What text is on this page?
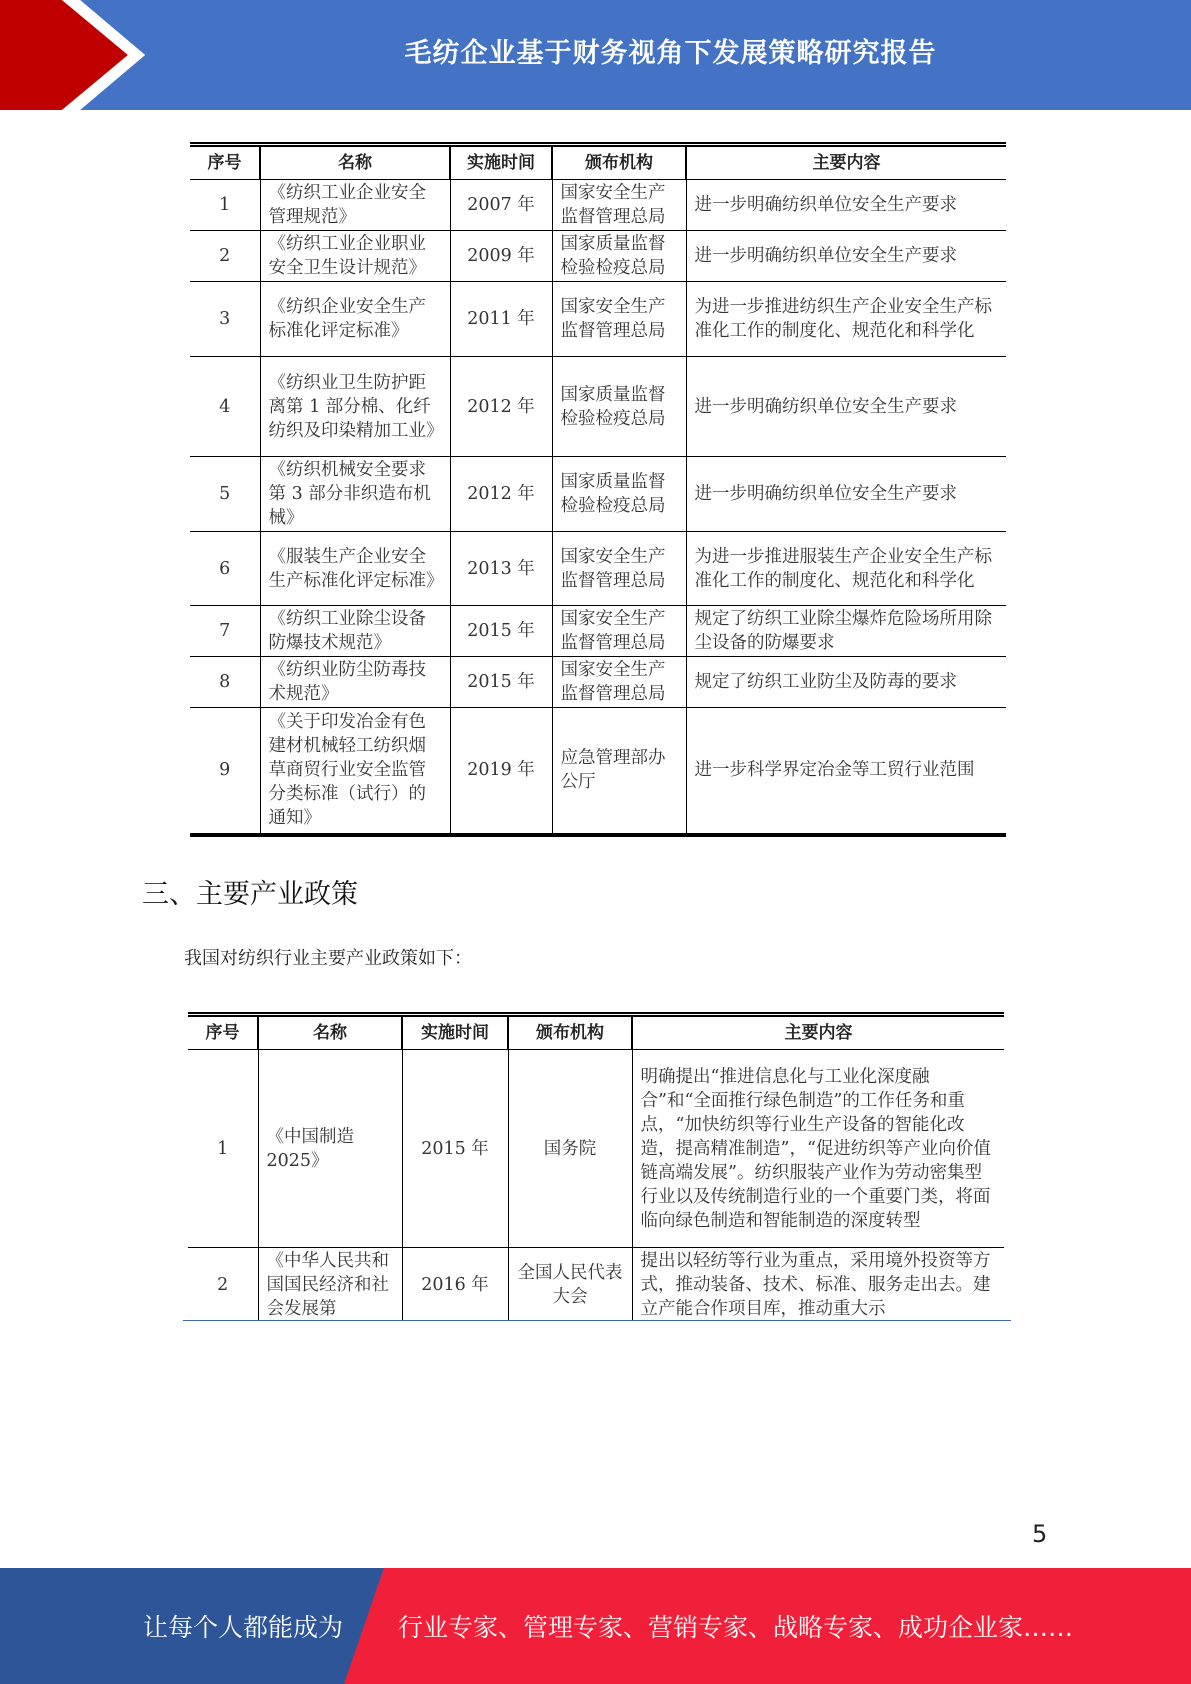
毛纺企业基于财务视角下发展策略研究报告
序号	名称	实施时间	颁布机构	主要内容
1	《纺织工业企业安全管理规范》	2007 年	国家安全生产监督管理总局	进一步明确纺织单位安全生产要求
2	《纺织工业企业职业安全卫生设计规范》	2009 年	国家质量监督检验检疫总局	进一步明确纺织单位安全生产要求
3	《纺织企业安全生产标准化评定标准》	2011 年	国家安全生产监督管理总局	为进一步推进纺织生产企业安全生产标准化工作的制度化、规范化和科学化
4	《纺织业卫生防护距离第 1 部分棉、化纤纺织及印染精加工业》	2012 年	国家质量监督检验检疫总局	进一步明确纺织单位安全生产要求
5	《纺织机械安全要求第 3 部分非织造布机械》	2012 年	国家质量监督检验检疫总局	进一步明确纺织单位安全生产要求
6	《服装生产企业安全生产标准化评定标准》	2013 年	国家安全生产监督管理总局	为进一步推进服装生产企业安全生产标准化工作的制度化、规范化和科学化
7	《纺织工业除尘设备防爆技术规范》	2015 年	国家安全生产监督管理总局	规定了纺织工业除尘爆炸危险场所用除尘设备的防爆要求
8	《纺织业防尘防毒技术规范》	2015 年	国家安全生产监督管理总局	规定了纺织工业防尘及防毒的要求
9	《关于印发冶金有色建材机械轻工纺织烟草商贸行业安全监管分类标准（试行）的通知》	2019 年	应急管理部办公厅	进一步科学界定冶金等工贸行业范围
三、主要产业政策
我国对纺织行业主要产业政策如下：
序号	名称	实施时间	颁布机构	主要内容
1	《中国制造 2025》	2015 年	国务院	明确提出“推进信息化与工业化深度融合”和“全面推行绿色制造”的工作任务和重点，“加快纺织等行业生产设备的智能化改造，提高精准制造”，“促进纺织等产业向价值链高端发展”。纺织服装产业作为劳动密集型行业以及传统制造行业的一个重要门类，将面临向绿色制造和智能制造的深度转型
2	《中华人民共和国国民经济和社会发展第	2016 年	全国人民代表大会	提出以轻纺等行业为重点，采用境外投资等方式，推动装备、技术、标准、服务走出去。建立产能合作项目库，推动重大示
5
让每个人都能成为 行业专家、管理专家、营销专家、战略专家、成功企业家……
